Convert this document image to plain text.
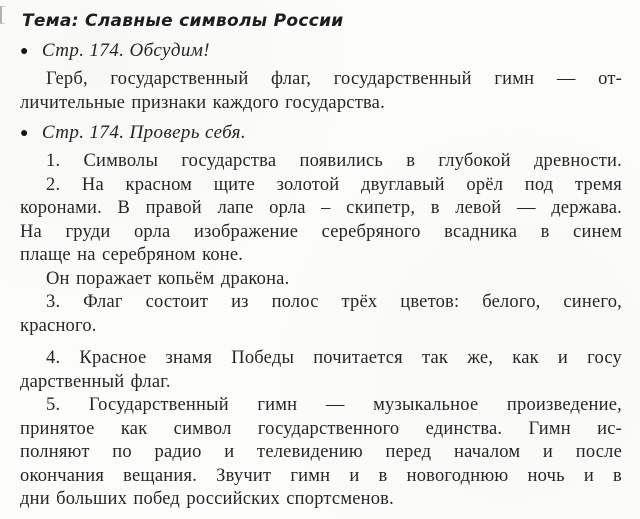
Тема: Славные символы России
● Стр. 174. Обсудим!
Герб, государственный флаг, государственный гимн — от-
личительные признаки каждого государства.
● Стр. 174. Проверь себя.
1. Символы государства появились в глубокой древности.
2. На красном щите золотой двуглавый орёл под тремя
коронами. В правой лапе орла – скипетр, в левой — держава.
На груди орла изображение серебряного всадника в синем
плаще на серебряном коне.
Он поражает копьём дракона.
3. Флаг состоит из полос трёх цветов: белого, синего,
красного.
4. Красное знамя Победы почитается так же, как и госу
дарственный флаг.
5. Государственный гимн — музыкальное произведение,
принятое как символ государственного единства. Гимн ис-
полняют по радио и телевидению перед началом и после
окончания вещания. Звучит гимн и в новогоднюю ночь и в
дни больших побед российских спортсменов.
